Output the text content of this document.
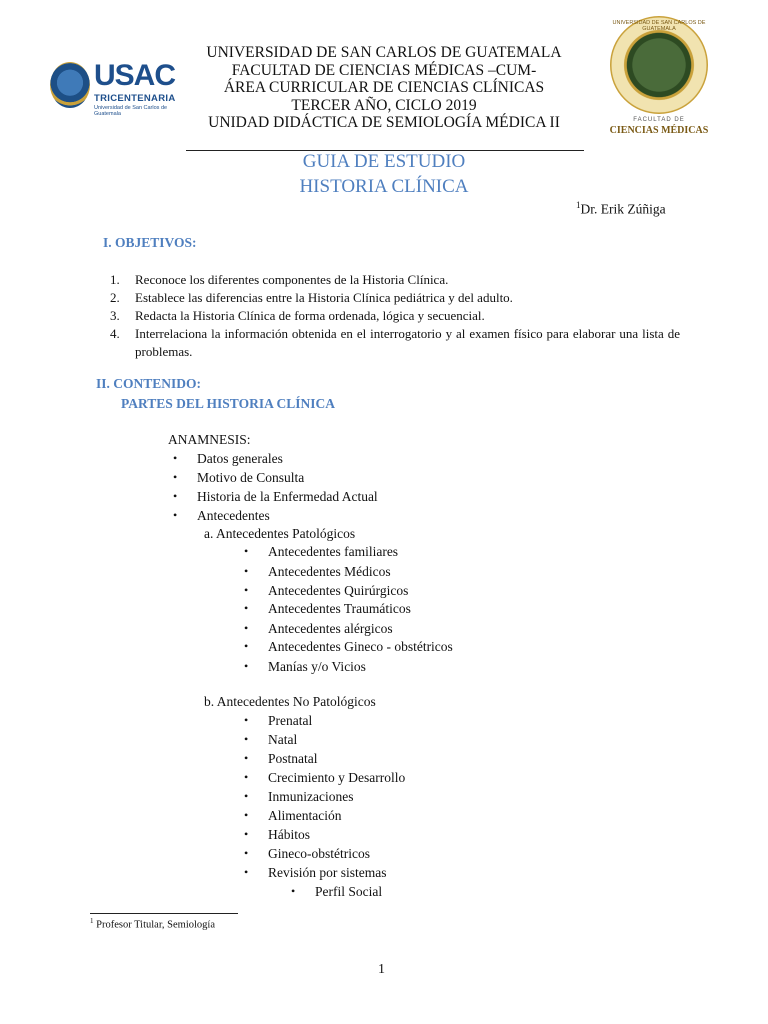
USAC
TRICENTENARIA
Universidad de San Carlos de Guatemala
UNIVERSIDAD DE SAN CARLOS DE GUATEMALA
FACULTAD DE
CIENCIAS MÉDICAS
UNIVERSIDAD DE SAN CARLOS DE GUATEMALA
FACULTAD DE CIENCIAS MÉDICAS –CUM-
ÁREA CURRICULAR DE CIENCIAS CLÍNICAS
TERCER AÑO, CICLO 2019
UNIDAD DIDÁCTICA DE SEMIOLOGÍA MÉDICA II
GUIA DE ESTUDIO
HISTORIA CLÍNICA
$^1$Dr. Erik Zúñiga
I. OBJETIVOS:
1. Reconoce los diferentes componentes de la Historia Clínica.
2. Establece las diferencias entre la Historia Clínica pediátrica y del adulto.
3. Redacta la Historia Clínica de forma ordenada, lógica y secuencial.
4. Interrelaciona la información obtenida en el interrogatorio y al examen físico para elaborar una lista de problemas.
II. CONTENIDO:
PARTES DEL HISTORIA CLÍNICA
ANAMNESIS:
• Datos generales
• Motivo de Consulta
• Historia de la Enfermedad Actual
• Antecedentes
a. Antecedentes Patológicos
• Antecedentes familiares
• Antecedentes Médicos
• Antecedentes Quirúrgicos
• Antecedentes Traumáticos
• Antecedentes alérgicos
• Antecedentes Gineco - obstétricos
• Manías y/o Vicios
b. Antecedentes No Patológicos
• Prenatal
• Natal
• Postnatal
• Crecimiento y Desarrollo
• Inmunizaciones
• Alimentación
• Hábitos
• Gineco-obstétricos
• Revisión por sistemas
• Perfil Social
$^1$ Profesor Titular, Semiología
1
